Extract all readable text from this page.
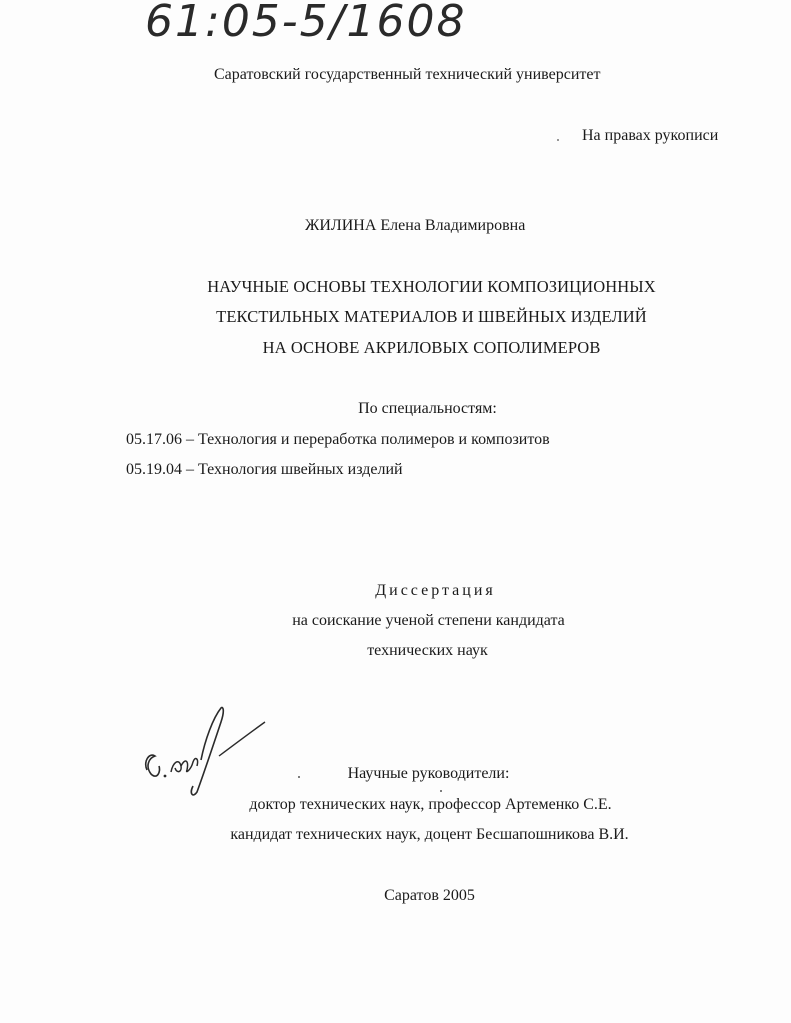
61:05-5/1608
Саратовский государственный технический университет
На правах рукописи
ЖИЛИНА Елена Владимировна
НАУЧНЫЕ ОСНОВЫ ТЕХНОЛОГИИ КОМПОЗИЦИОННЫХ
ТЕКСТИЛЬНЫХ МАТЕРИАЛОВ И ШВЕЙНЫХ ИЗДЕЛИЙ
НА ОСНОВЕ АКРИЛОВЫХ СОПОЛИМЕРОВ
По специальностям:
05.17.06 – Технология и переработка полимеров и композитов
05.19.04 – Технология швейных изделий
Диссертация
на соискание ученой степени кандидата
технических наук
Научные руководители:
доктор технических наук, профессор Артеменко С.Е.
кандидат технических наук, доцент Бесшапошникова В.И.
Саратов 2005
